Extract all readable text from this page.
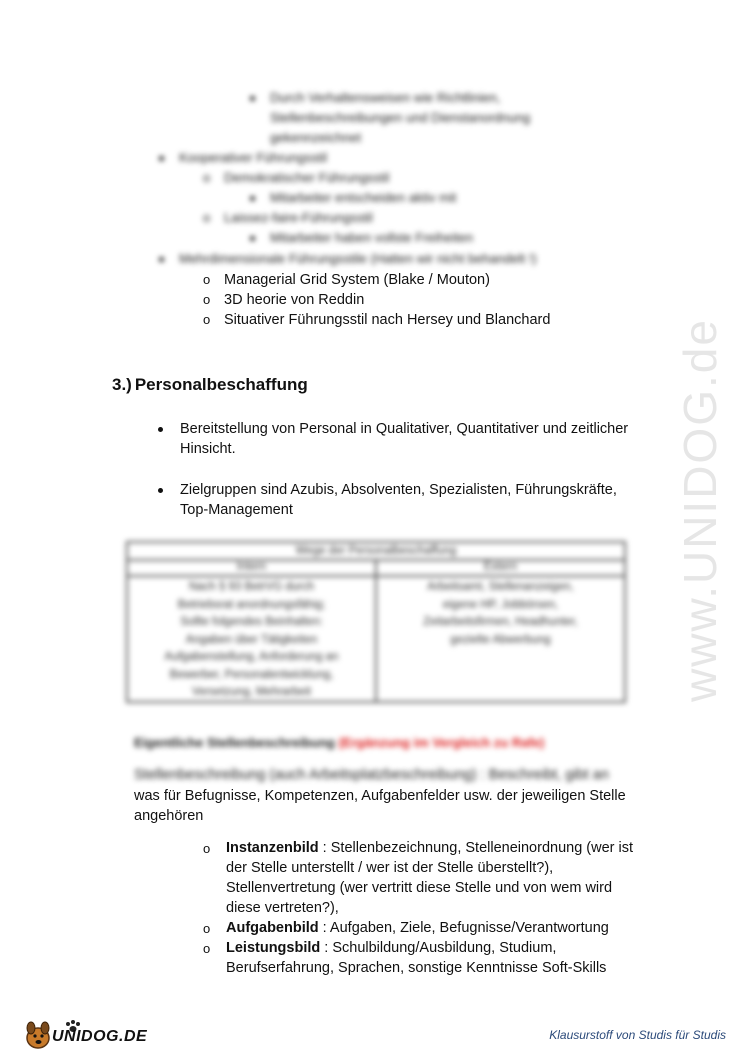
www.UNIDOG.de
Durch Verhaltensweisen wie Richtlinien,
Stellenbeschreibungen und Dienstanordnung
gekennzeichnet
Kooperativer Führungsstil
o Demokratischer Führungsstil
Mitarbeiter entscheiden aktiv mit
o Laissez-faire-Führungsstil
Mitarbeiter haben vollste Freiheiten
Mehrdimensionale Führungsstile (Hatten wir nicht behandelt !)
o Managerial Grid System (Blake / Mouton)
o 3D heorie von Reddin
o Situativer Führungsstil nach Hersey und Blanchard
3.) Personalbeschaffung
Bereitstellung von Personal in Qualitativer, Quantitativer und zeitlicher
Hinsicht.
Zielgruppen sind Azubis, Absolventen, Spezialisten, Führungskräfte,
Top-Management
Wege der Personalbeschaffung
Intern	Extern
Nach § 93 BetrVG durch
Betriebsrat anordnungsfähig;
Sollte folgendes Beinhalten:
Angaben über Tätigkeiten
Aufgabenstellung, Anforderung an
Bewerber, Personalentwicklung,
Versetzung, Mehrarbeit
Arbeitsamt, Stellenanzeigen,
eigene HP, Jobbörsen,
Zeitarbeitsfirmen, Headhunter,
gezielte Abwerbung
Eigentliche Stellenbeschreibung (Ergänzung im Vergleich zu Rafe)
Stellenbeschreibung (auch Arbeitsplatzbeschreibung) : Beschreibt, gibt an
was für Befugnisse, Kompetenzen, Aufgabenfelder usw. der jeweiligen Stelle
angehören
o Instanzenbild : Stellenbezeichnung, Stelleneinordnung (wer ist
der Stelle unterstellt / wer ist der Stelle überstellt?),
Stellenvertretung (wer vertritt diese Stelle und von wem wird
diese vertreten?),
o Aufgabenbild : Aufgaben, Ziele, Befugnisse/Verantwortung
o Leistungsbild : Schulbildung/Ausbildung, Studium,
Berufserfahrung, Sprachen, sonstige Kenntnisse Soft-Skills
UNIDOG.DE	Klausurstoff von Studis für Studis
